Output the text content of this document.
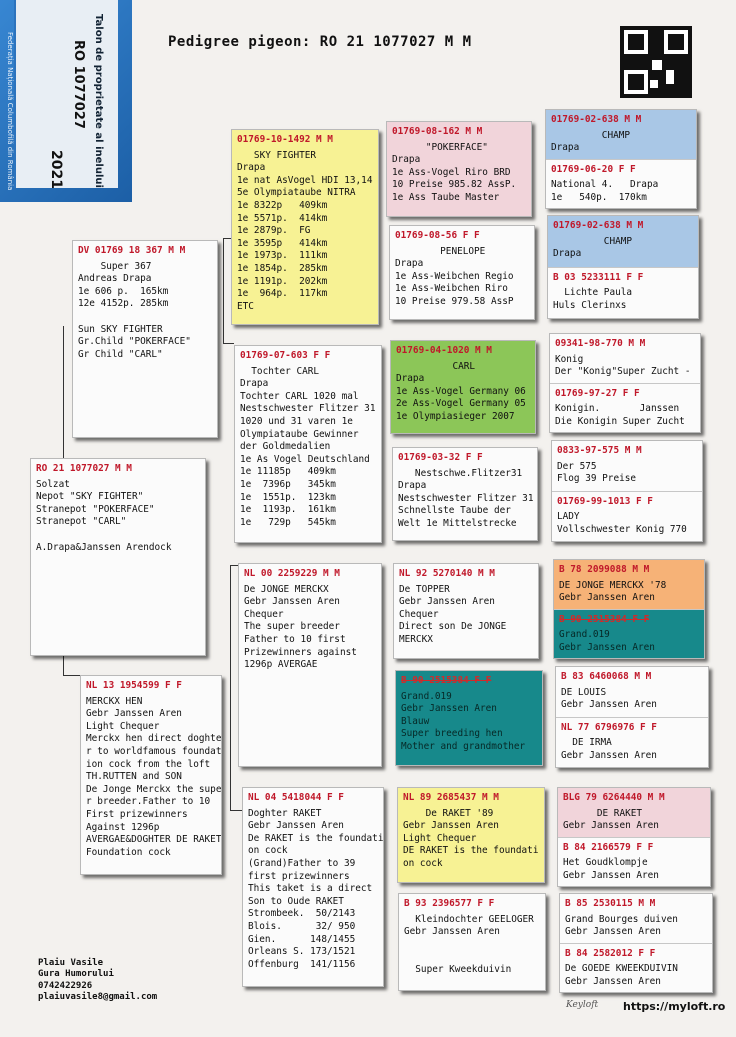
Talon de proprietate al inelului
RO 1077027
2021
Federația Națională Columbofilă din România	Pedigree pigeon: RO 21 1077027 M M
RO 21 1077027 M M
Solzat
Nepot "SKY FIGHTER"
Stranepot "POKERFACE"
Stranepot "CARL"

A.Drapa&Janssen Arendock
DV 01769 18 367 M M
Super 367
Andreas Drapa
1e 606 p.  165km
12e 4152p. 285km

Sun SKY FIGHTER
Gr.Child "POKERFACE"
Gr Child "CARL"
NL 13 1954599 F F
MERCKX HEN
Gebr Janssen Aren
Light Chequer
Merckx hen direct doghte
r to worldfamous foundat
ion cock from the loft
TH.RUTTEN and SON
De Jonge Merckx the supe
r breeder.Father to 10
First prizewinners
Against 1296p
AVERGAE&DOGHTER DE RAKET
Foundation cock
01769-10-1492 M M
SKY FIGHTER
Drapa
1e nat AsVogel HDI 13,14
5e Olympiataube NITRA
1e 8322p   409km
1e 5571p.  414km
1e 2879p.  FG
1e 3595p   414km
1e 1973p.  111km
1e 1854p.  285km
1e 1191p.  202km
1e  964p.  117km
ETC
01769-07-603 F F
Tochter CARL
Drapa
Tochter CARL 1020 mal
Nestschwester Flitzer 31
1020 und 31 varen 1e
Olympiataube Gewinner
der Goldmedalien
1e As Vogel Deutschland
1e 11185p   409km
1e  7396p   345km
1e  1551p.  123km
1e  1193p.  161km
1e   729p   545km
NL 00 2259229 M M
De JONGE MERCKX
Gebr Janssen Aren
Chequer
The super breeder
Father to 10 first
Prizewinners against
1296p AVERGAE
NL 04 5418044 F F
Doghter RAKET
Gebr Janssen Aren
De RAKET is the foundati
on cock
(Grand)Father to 39
first prizewinners
This taket is a direct
Son to Oude RAKET
Strombeek.  50/2143
Blois.      32/ 950
Gien.      148/1455
Orleans S. 173/1521
Offenburg  141/1156
01769-08-162 M M
"POKERFACE"
Drapa
1e Ass-Vogel Riro BRD
10 Preise 985.82 AssP.
1e Ass Taube Master
01769-08-56 F F
PENELOPE
Drapa
1e Ass-Weibchen Regio
1e Ass-Weibchen Riro
10 Preise 979.58 AssP
01769-04-1020 M M
CARL
Drapa
1e Ass-Vogel Germany 06
2e Ass-Vogel Germany 05
1e Olympiasieger 2007
01769-03-32 F F
Nestschwe.Flitzer31
Drapa
Nestschwester Flitzer 31
Schnellste Taube der
Welt 1e Mittelstrecke
NL 92 5270140 M M
De TOPPER
Gebr Janssen Aren
Chequer
Direct son De JONGE
MERCKX
B 90 2515384 F F
Grand.019
Gebr Janssen Aren
Blauw
Super breeding hen
Mother and grandmother
NL 89 2685437 M M
De RAKET '89
Gebr Janssen Aren
Light Chequer
DE RAKET is the foundati
on cock
B 93 2396577 F F
Kleindochter GEELOGER
Gebr Janssen Aren

Super Kweekduivin
01769-02-638 M M
CHAMP
Drapa
01769-06-20 F F
National 4.   Drapa
1e   540p.  170km
01769-02-638 M M
CHAMP
Drapa
B 03 5233111 F F
Lichte Paula
Huls Clerinxs
09341-98-770 M M
Konig
Der "Konig"Super Zucht -
01769-97-27 F F
Konigin.       Janssen
Die Konigin Super Zucht
0833-97-575 M M
Der 575
Flog 39 Preise
01769-99-1013 F F
LADY
Vollschwester Konig 770
B 78 2099088 M M
DE JONGE MERCKX '78
Gebr Janssen Aren
B 90 2515384 F F
Grand.019
Gebr Janssen Aren
B 83 6460068 M M
DE LOUIS
Gebr Janssen Aren
NL 77 6796976 F F
DE IRMA
Gebr Janssen Aren
BLG 79 6264440 M M
DE RAKET
Gebr Janssen Aren
B 84 2166579 F F
Het Goudklompje
Gebr Janssen Aren
B 85 2530115 M M
Grand Bourges duiven
Gebr Janssen Aren
B 84 2582012 F F
De GOEDE KWEEKDUIVIN
Gebr Janssen Aren
Plaiu Vasile
Gura Humorului
0742422926
plaiuvasile8@gmail.com
Keyloft https://myloft.ro
